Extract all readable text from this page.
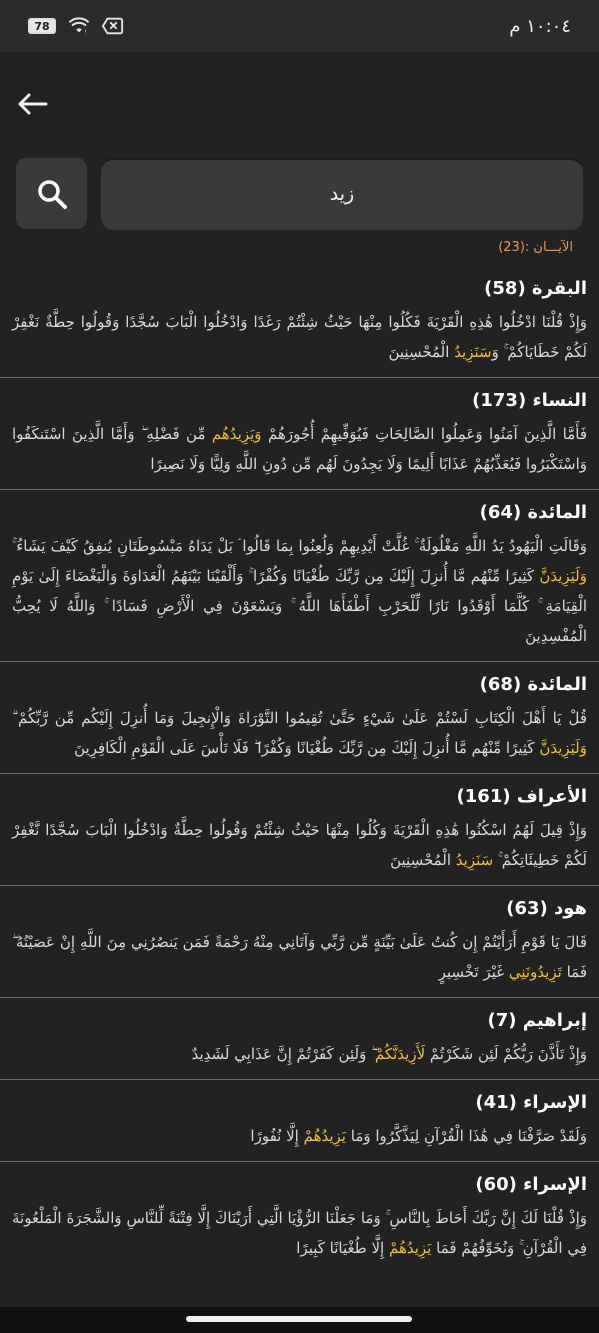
78	!	١٠:٠٤ م
زيد
الآيـــان :(23)
البقرة (58)
وَإِذْ قُلْنَا ادْخُلُوا هَٰذِهِ الْقَرْيَةَ فَكُلُوا مِنْهَا حَيْثُ شِئْتُمْ رَغَدًا وَادْخُلُوا الْبَابَ سُجَّدًا وَقُولُوا حِطَّةٌ نَغْفِرْ لَكُمْ خَطَايَاكُمْ ۚ وَسَنَزِيدُ الْمُحْسِنِينَ
النساء (173)
فَأَمَّا الَّذِينَ آمَنُوا وَعَمِلُوا الصَّالِحَاتِ فَيُوَفِّيهِمْ أُجُورَهُمْ وَيَزِيدُهُم مِّن فَضْلِهِ ۖ وَأَمَّا الَّذِينَ اسْتَنكَفُوا وَاسْتَكْبَرُوا فَيُعَذِّبُهُمْ عَذَابًا أَلِيمًا وَلَا يَجِدُونَ لَهُم مِّن دُونِ اللَّهِ وَلِيًّا وَلَا نَصِيرًا
المائدة (64)
وَقَالَتِ الْيَهُودُ يَدُ اللَّهِ مَغْلُولَةٌ ۚ غُلَّتْ أَيْدِيهِمْ وَلُعِنُوا بِمَا قَالُوا ۘ بَلْ يَدَاهُ مَبْسُوطَتَانِ يُنفِقُ كَيْفَ يَشَاءُ ۚ وَلَيَزِيدَنَّ كَثِيرًا مِّنْهُم مَّا أُنزِلَ إِلَيْكَ مِن رَّبِّكَ طُغْيَانًا وَكُفْرًا ۚ وَأَلْقَيْنَا بَيْنَهُمُ الْعَدَاوَةَ وَالْبَغْضَاءَ إِلَىٰ يَوْمِ الْقِيَامَةِ ۚ كُلَّمَا أَوْقَدُوا نَارًا لِّلْحَرْبِ أَطْفَأَهَا اللَّهُ ۚ وَيَسْعَوْنَ فِي الْأَرْضِ فَسَادًا ۚ وَاللَّهُ لَا يُحِبُّ الْمُفْسِدِينَ
المائدة (68)
قُلْ يَا أَهْلَ الْكِتَابِ لَسْتُمْ عَلَىٰ شَيْءٍ حَتَّىٰ تُقِيمُوا التَّوْرَاةَ وَالْإِنجِيلَ وَمَا أُنزِلَ إِلَيْكُم مِّن رَّبِّكُمْ ۗ وَلَيَزِيدَنَّ كَثِيرًا مِّنْهُم مَّا أُنزِلَ إِلَيْكَ مِن رَّبِّكَ طُغْيَانًا وَكُفْرًا ۖ فَلَا تَأْسَ عَلَى الْقَوْمِ الْكَافِرِينَ
الأعراف (161)
وَإِذْ قِيلَ لَهُمُ اسْكُنُوا هَٰذِهِ الْقَرْيَةَ وَكُلُوا مِنْهَا حَيْثُ شِئْتُمْ وَقُولُوا حِطَّةٌ وَادْخُلُوا الْبَابَ سُجَّدًا نَّغْفِرْ لَكُمْ خَطِيئَاتِكُمْ ۚ سَنَزِيدُ الْمُحْسِنِينَ
هود (63)
قَالَ يَا قَوْمِ أَرَأَيْتُمْ إِن كُنتُ عَلَىٰ بَيِّنَةٍ مِّن رَّبِّي وَآتَانِي مِنْهُ رَحْمَةً فَمَن يَنصُرُنِي مِنَ اللَّهِ إِنْ عَصَيْتُهُ ۖ فَمَا تَزِيدُونَنِي غَيْرَ تَخْسِيرٍ
إبراهيم (7)
وَإِذْ تَأَذَّنَ رَبُّكُمْ لَئِن شَكَرْتُمْ لَأَزِيدَنَّكُمْ ۖ وَلَئِن كَفَرْتُمْ إِنَّ عَذَابِي لَشَدِيدٌ
الإسراء (41)
وَلَقَدْ صَرَّفْنَا فِي هَٰذَا الْقُرْآنِ لِيَذَّكَّرُوا وَمَا يَزِيدُهُمْ إِلَّا نُفُورًا
الإسراء (60)
وَإِذْ قُلْنَا لَكَ إِنَّ رَبَّكَ أَحَاطَ بِالنَّاسِ ۚ وَمَا جَعَلْنَا الرُّؤْيَا الَّتِي أَرَيْنَاكَ إِلَّا فِتْنَةً لِّلنَّاسِ وَالشَّجَرَةَ الْمَلْعُونَةَ فِي الْقُرْآنِ ۚ وَنُخَوِّفُهُمْ فَمَا يَزِيدُهُمْ إِلَّا طُغْيَانًا كَبِيرًا
